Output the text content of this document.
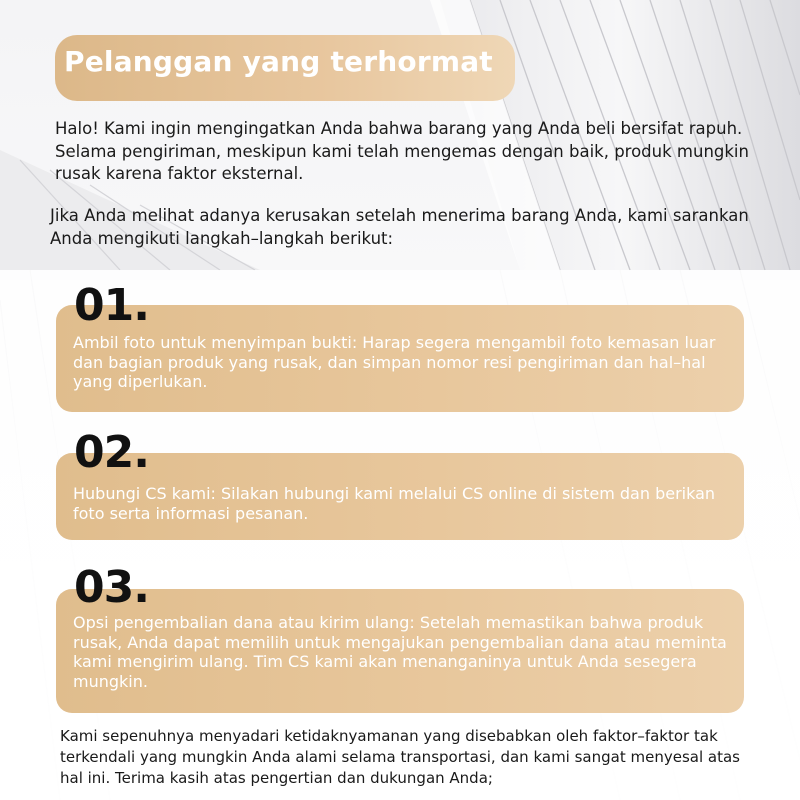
Pelanggan yang terhormat
Halo! Kami ingin mengingatkan Anda bahwa barang yang Anda beli bersifat rapuh. Selama pengiriman, meskipun kami telah mengemas dengan baik, produk mungkin rusak karena faktor eksternal.
Jika Anda melihat adanya kerusakan setelah menerima barang Anda, kami sarankan Anda mengikuti langkah–langkah berikut:
01.
Ambil foto untuk menyimpan bukti: Harap segera mengambil foto kemasan luar dan bagian produk yang rusak, dan simpan nomor resi pengiriman dan hal–hal yang diperlukan.
02.
Hubungi CS kami: Silakan hubungi kami melalui CS online di sistem dan berikan foto serta informasi pesanan.
03.
Opsi pengembalian dana atau kirim ulang: Setelah memastikan bahwa produk rusak, Anda dapat memilih untuk mengajukan pengembalian dana atau meminta kami mengirim ulang. Tim CS kami akan menanganinya untuk Anda sesegera mungkin.
Kami sepenuhnya menyadari ketidaknyamanan yang disebabkan oleh faktor–faktor tak terkendali yang mungkin Anda alami selama transportasi, dan kami sangat menyesal atas hal ini. Terima kasih atas pengertian dan dukungan Anda;
